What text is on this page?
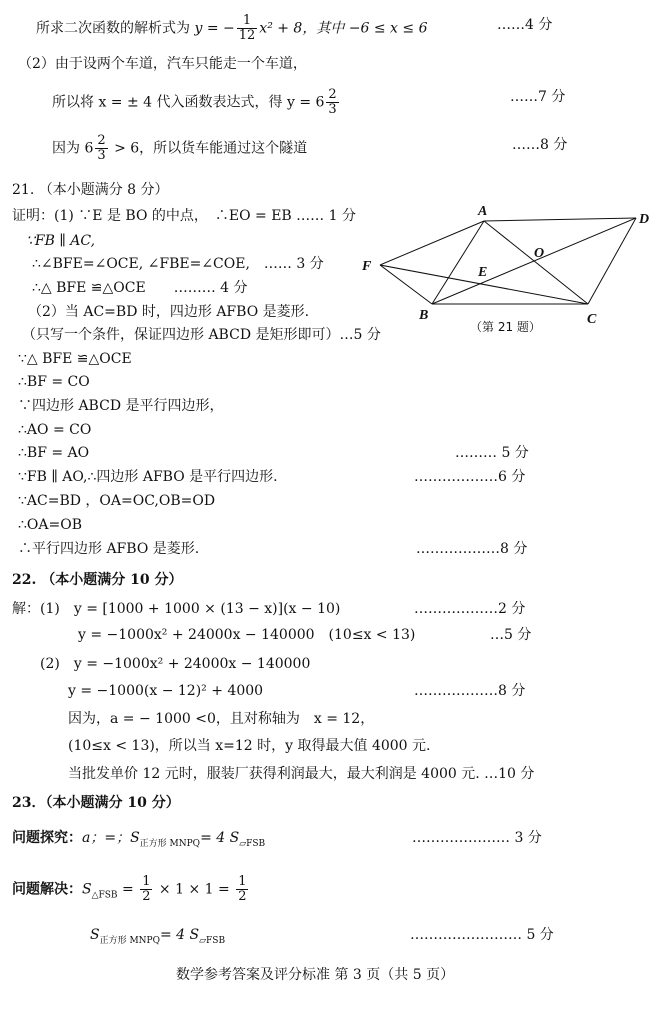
所求二次函数的解析式为 y = − $\frac{1}{12} x^2 + 8$，其中 −6 ≤ x ≤ 6	……4 分
（2）由于设两个车道，汽车只能走一个车道，
所以将 x = ± 4 代入函数表达式，得 $y = 6 \frac{2}{3}$	……7 分
因为 $6 \frac{2}{3} > 6$，所以货车能通过这个隧道	……8 分
21. （本小题满分 8 分）
证明：(1) ∵E 是 BO 的中点，　∴EO = EB …… 1 分
∵FB ∥ AC,
∴∠BFE=∠OCE, ∠FBE=∠COE,　…… 3 分
∴△ BFE ≌△OCE　　……… 4 分
（2）当 AC=BD 时，四边形 AFBO 是菱形.
（只写一个条件，保证四边形 ABCD 是矩形即可）…5 分
∵△ BFE ≌△OCE
∴BF = CO
∵四边形 ABCD 是平行四边形，
∴AO = CO
∴BF = AO	……… 5 分
∵FB ∥ AO,∴四边形 AFBO 是平行四边形.	………………6 分
∵AC=BD ，OA=OC,OB=OD
∴OA=OB
∴平行四边形 AFBO 是菱形.	………………8 分
A
D
O
F	E
B	C
（第 21 题）
22. （本小题满分 10 分）
解：(1)　y = [1000 + 1000 × (13 − x)](x − 10)	………………2 分
y = −1000x² + 24000x − 140000　(10≤x < 13)	…5 分
(2)　y = −1000x² + 24000x − 140000
y = −1000(x − 12)² + 4000	………………8 分
因为，a = − 1000 <0，且对称轴为　x = 12，
(10≤x < 13)，所以当 x=12 时，y 取得最大值 4000 元.
当批发单价 12 元时，服装厂获得利润最大，最大利润是 4000 元. …10 分
23．（本小题满分 10 分）
问题探究：a；=；$S_{正方形 MNPQ}= 4$ $S_{▱FSB}$	………………… 3 分
问题解决：$S_{\triangle FSB} = \frac{1}{2} \times 1 \times 1 = \frac{1}{2}$
$S_{正方形 MNPQ}= 4$ $S_{▱FSB}$	…………………… 5 分
数学参考答案及评分标准 第 3 页（共 5 页）
